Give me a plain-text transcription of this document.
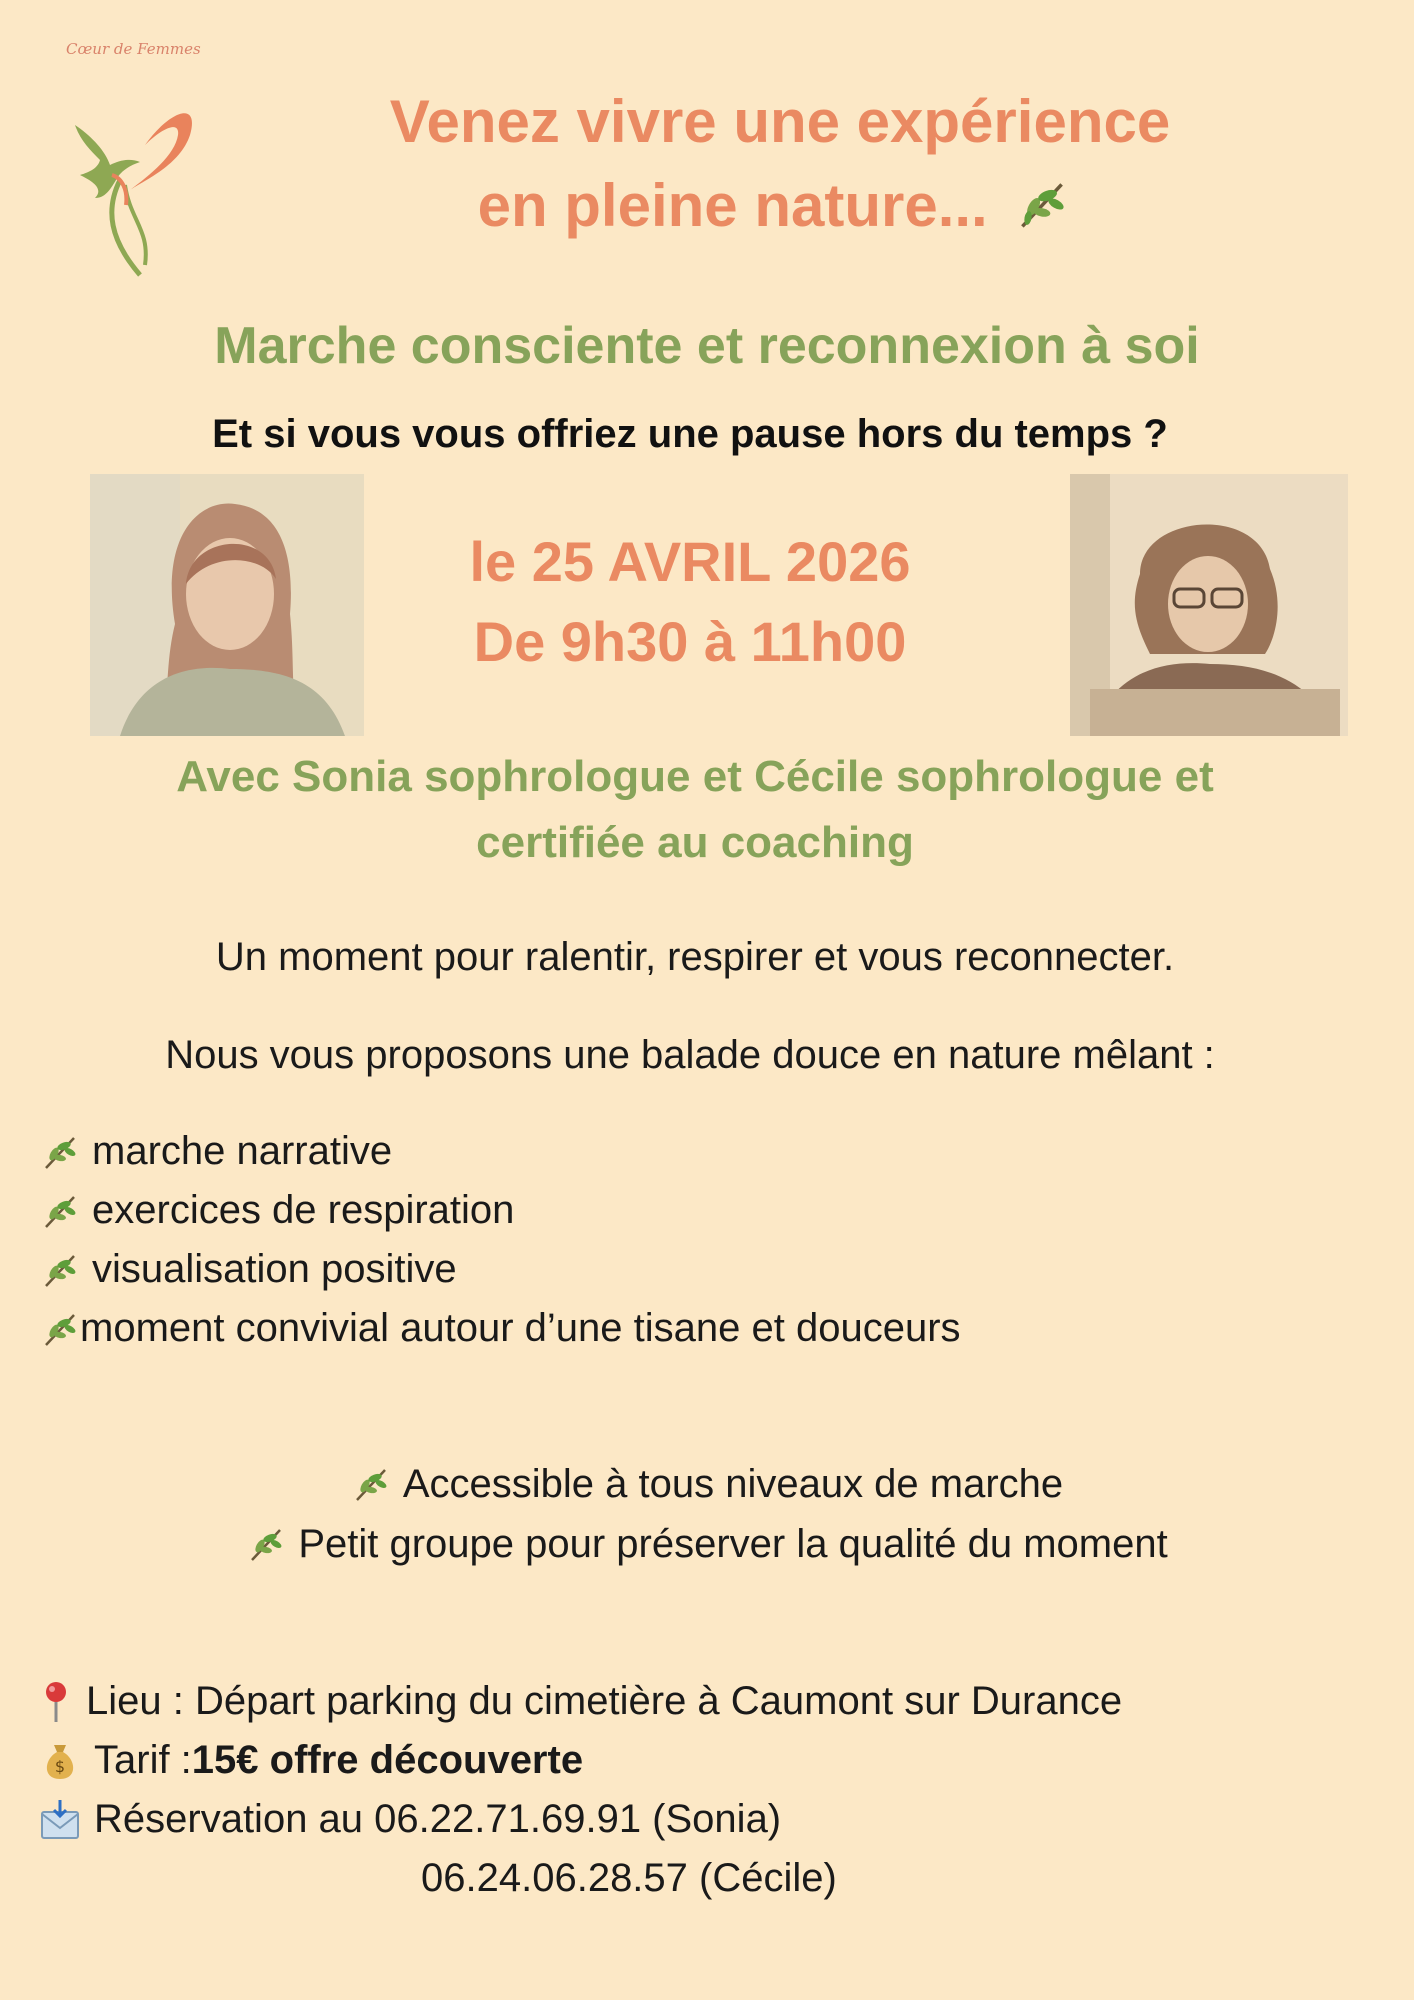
Cœur de Femmes
Venez vivre une expérience
en pleine nature...
Marche consciente et reconnexion à soi
Et si vous vous offriez une pause hors du temps ?
le 25 AVRIL 2026
De 9h30 à 11h00
Avec Sonia sophrologue et Cécile sophrologue et
certifiée au coaching
Un moment pour ralentir, respirer et vous reconnecter.
Nous vous proposons une balade douce en nature mêlant :
marche narrative
exercices de respiration
visualisation positive
moment convivial autour d’une tisane et douceurs
Accessible à tous niveaux de marche
Petit groupe pour préserver la qualité du moment
Lieu : Départ parking du cimetière à Caumont sur Durance
$ Tarif : 15€ offre découverte
Réservation au 06.22.71.69.91 (Sonia)
06.24.06.28.57 (Cécile)
